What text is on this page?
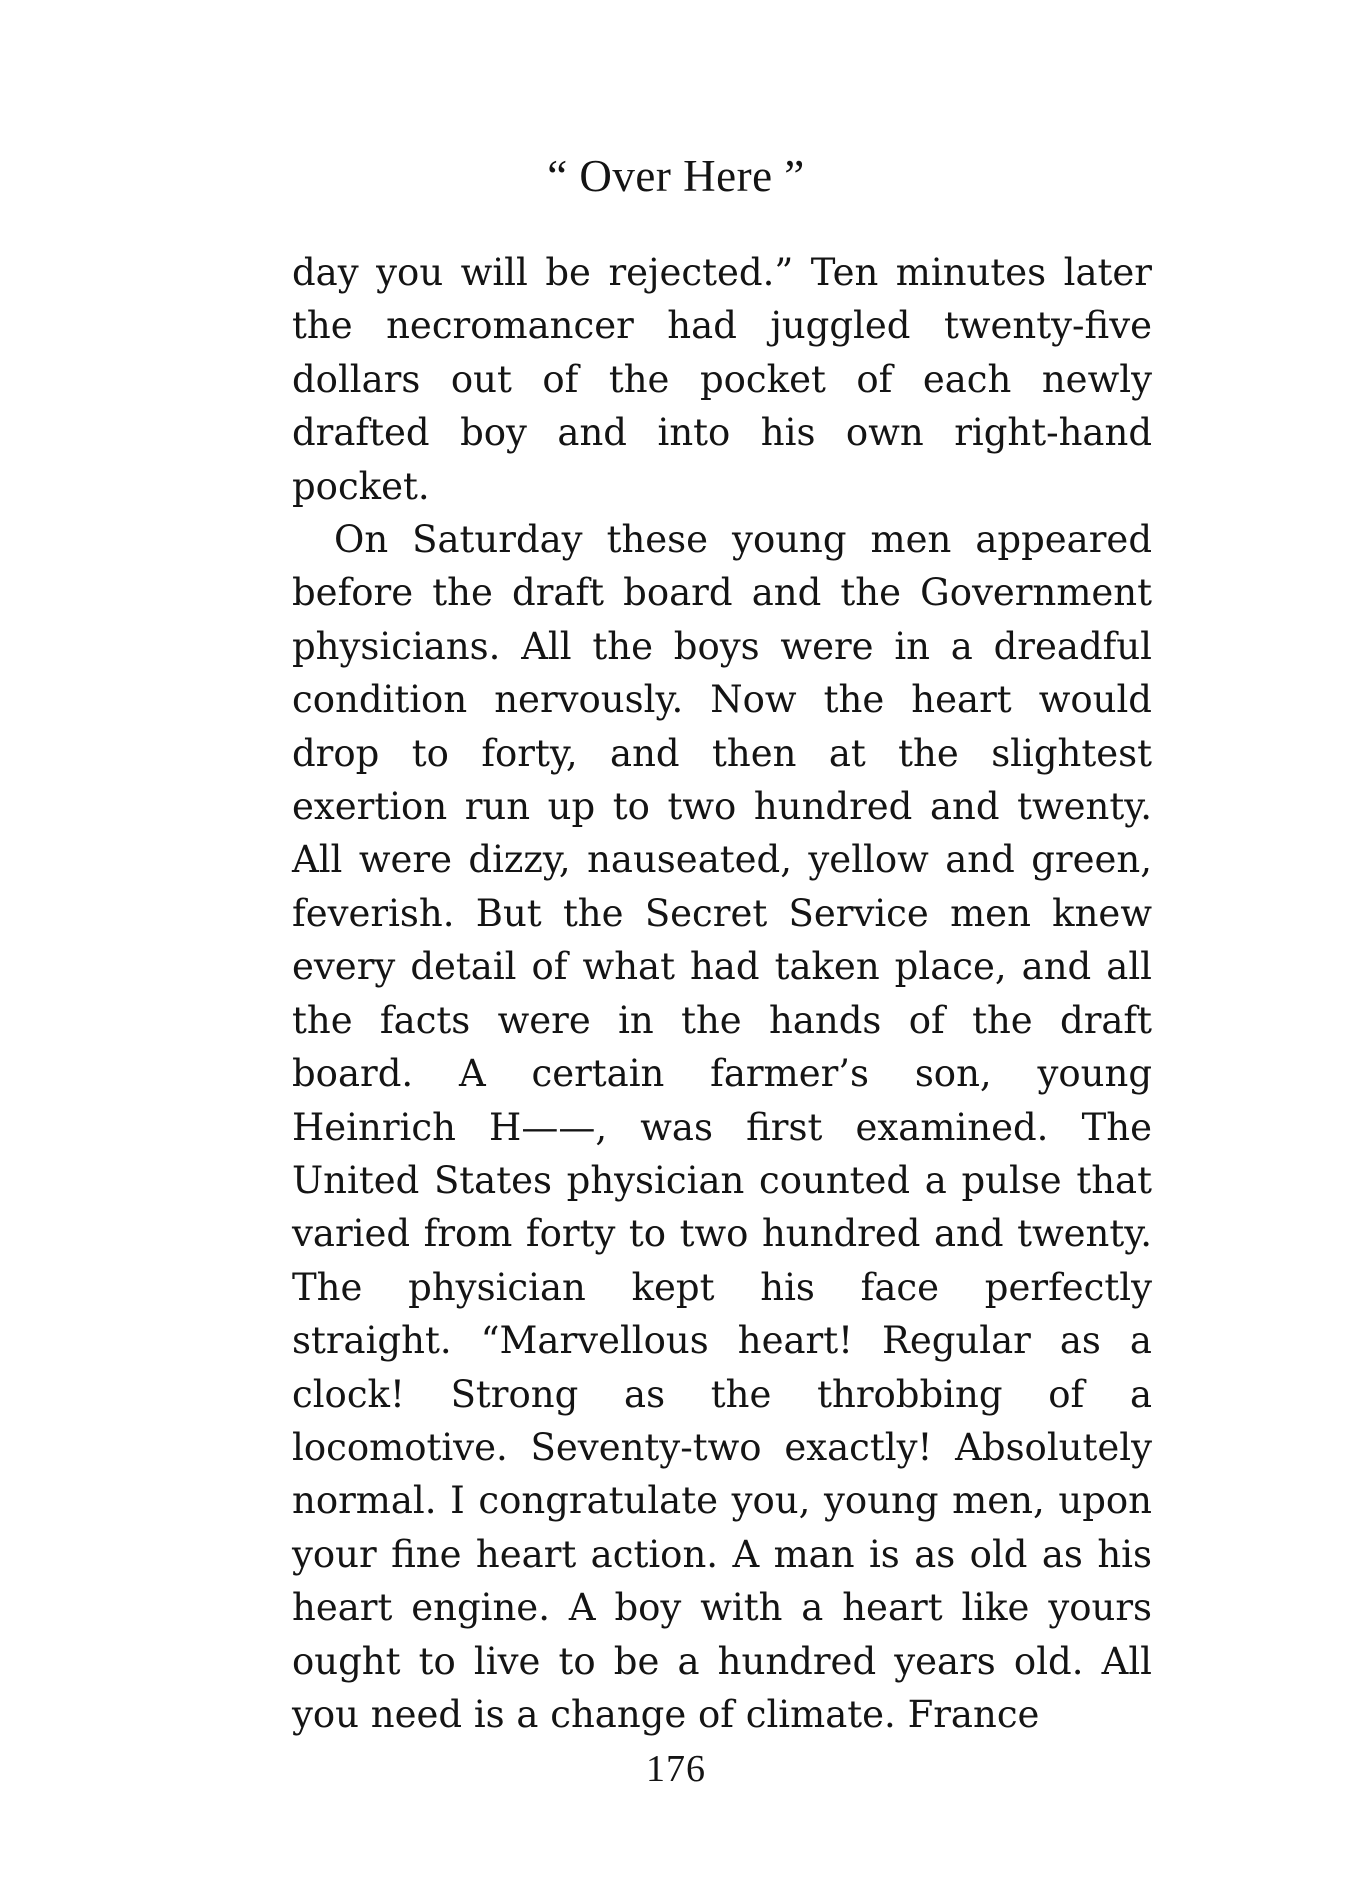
“ Over Here ”

day you will be rejected.” Ten minutes later the necromancer had juggled twenty-five dollars out of the pocket of each newly drafted boy and into his own right-hand pocket.

On Saturday these young men appeared before the draft board and the Government physicians. All the boys were in a dreadful condition nervously. Now the heart would drop to forty, and then at the slightest exertion run up to two hundred and twenty. All were dizzy, nauseated, yellow and green, feverish. But the Secret Service men knew every detail of what had taken place, and all the facts were in the hands of the draft board. A certain farmer’s son, young Heinrich H——, was first examined. The United States physician counted a pulse that varied from forty to two hundred and twenty. The physician kept his face perfectly straight. “Marvellous heart! Regular as a clock! Strong as the throbbing of a locomotive. Seventy-two exactly! Absolutely normal. I congratulate you, young men, upon your fine heart action. A man is as old as his heart engine. A boy with a heart like yours ought to live to be a hundred years old. All you need is a change of climate. France

176
